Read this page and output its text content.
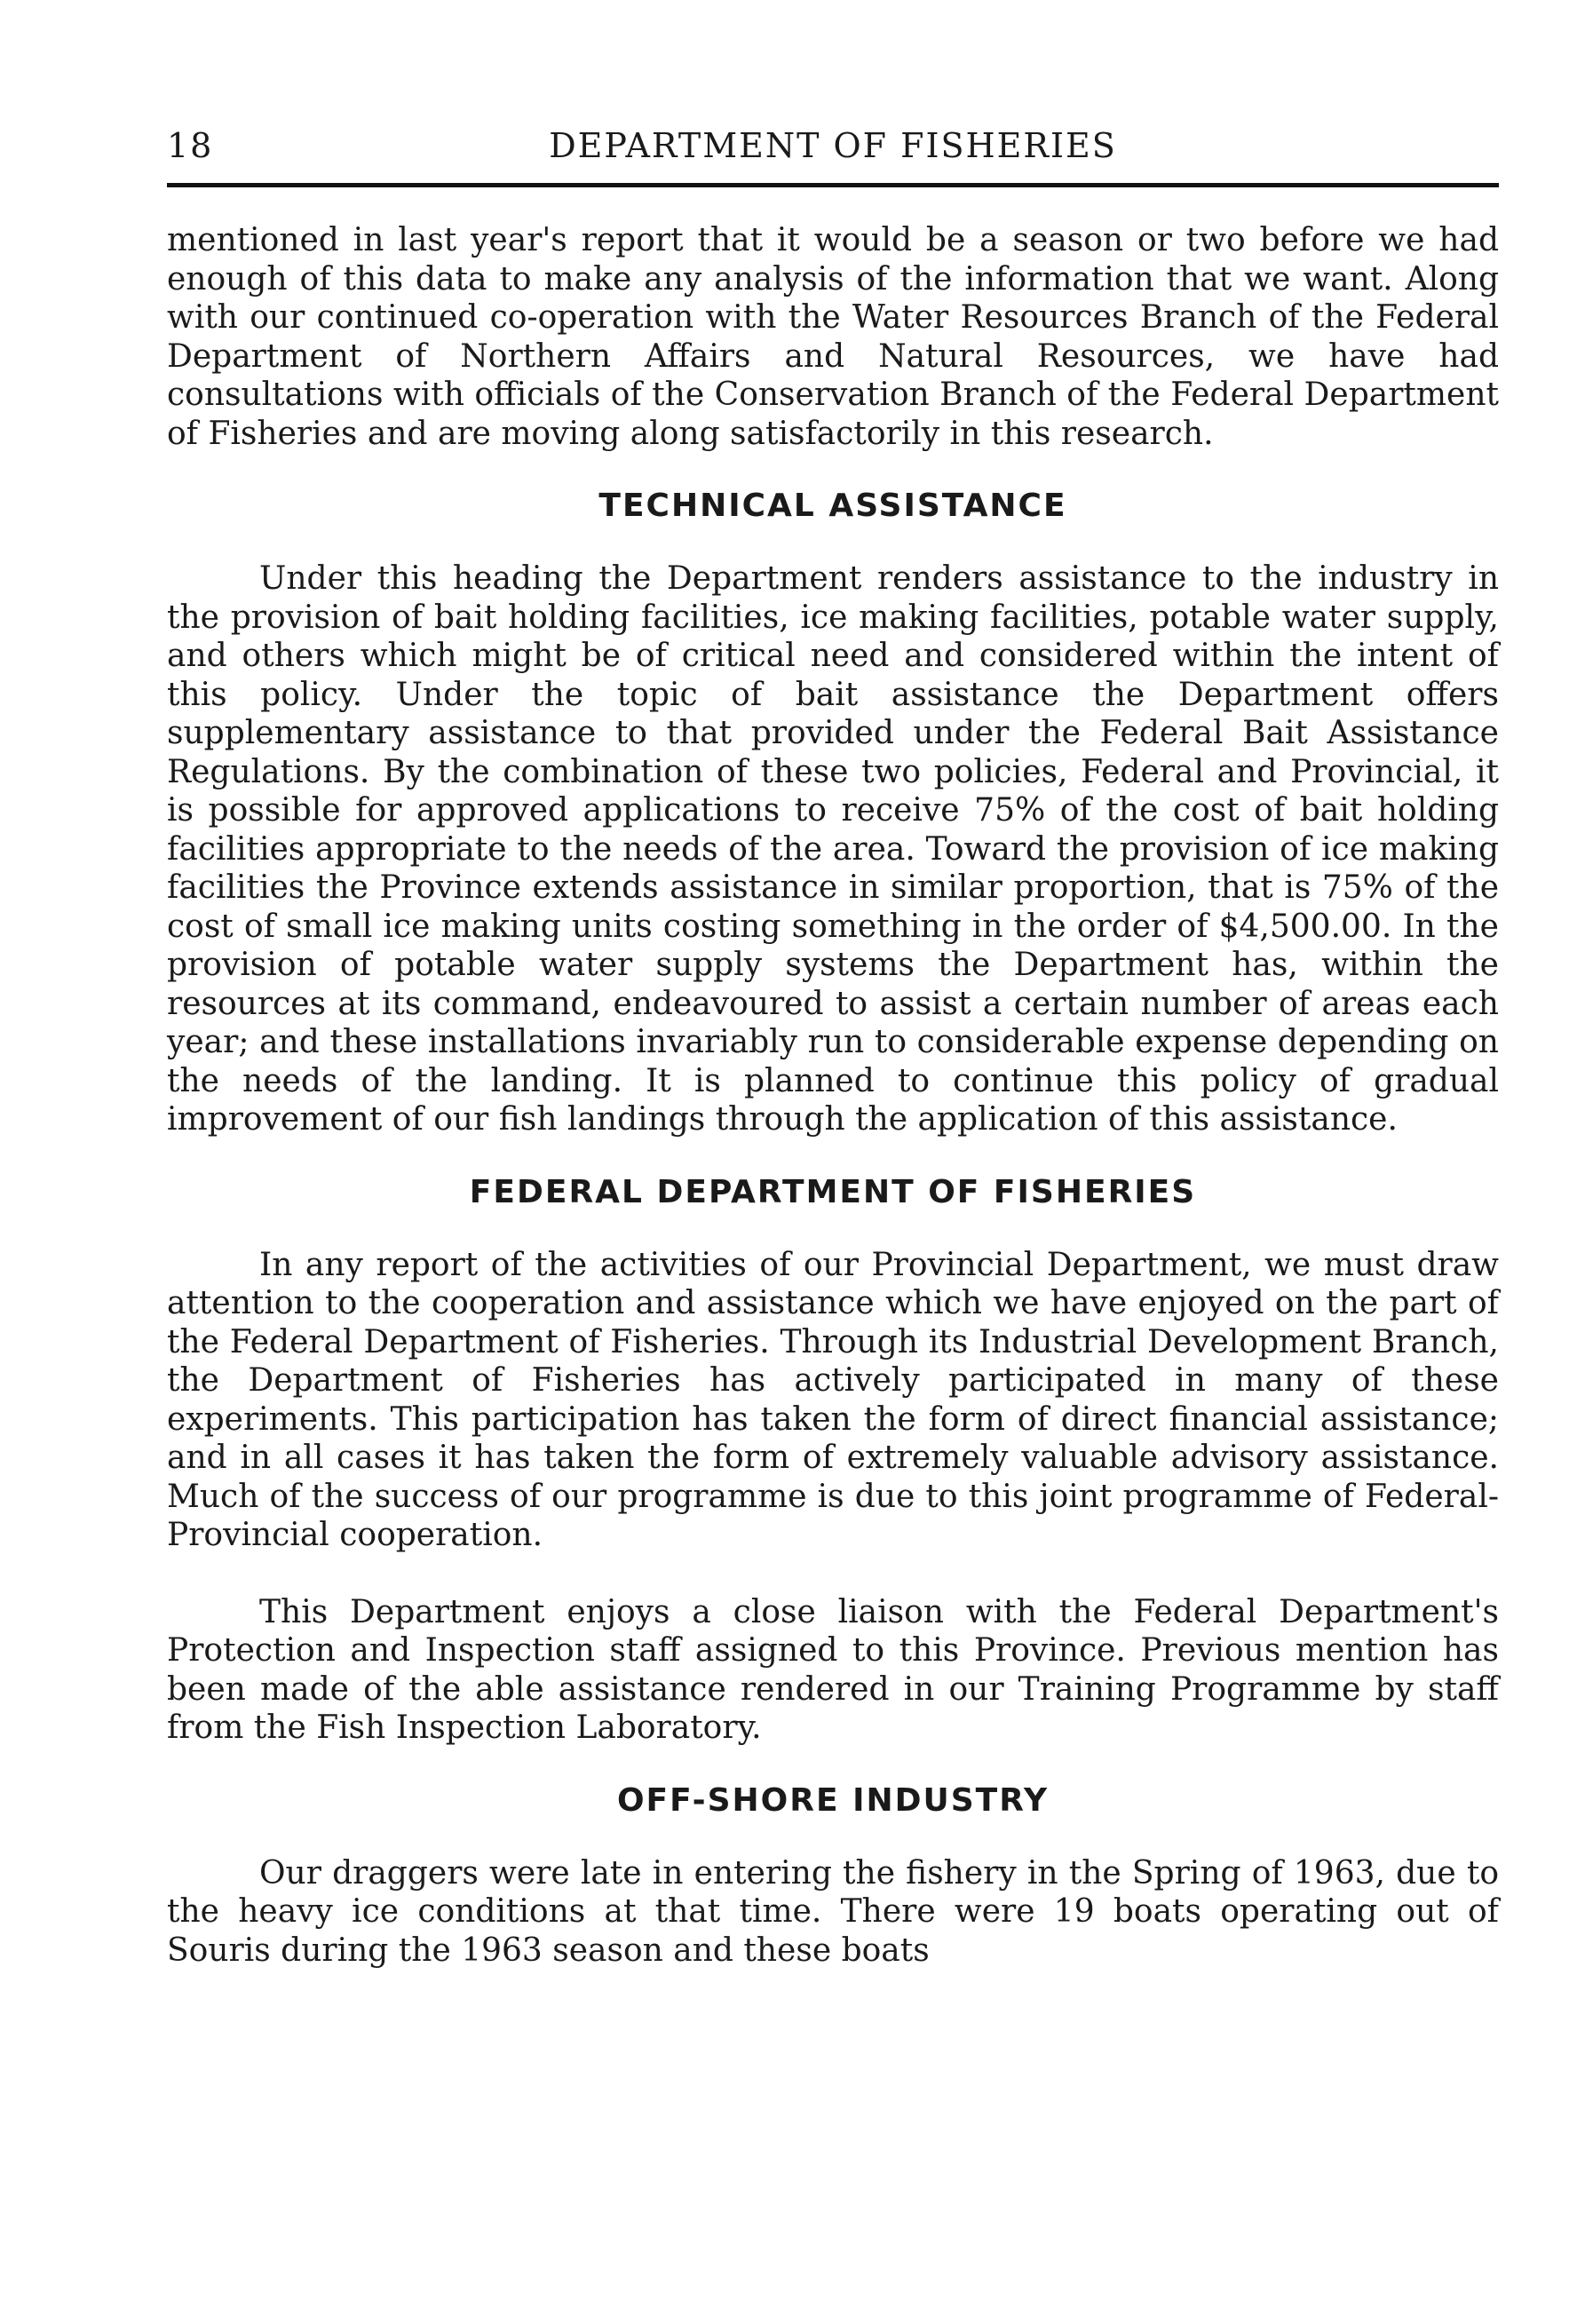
18	DEPARTMENT OF FISHERIES

mentioned in last year's report that it would be a season or two before we had enough of this data to make any analysis of the information that we want. Along with our continued co-operation with the Water Resources Branch of the Federal Department of Northern Affairs and Natural Resources, we have had consultations with officials of the Conservation Branch of the Federal Department of Fisheries and are moving along satisfactorily in this research.

TECHNICAL ASSISTANCE

Under this heading the Department renders assistance to the industry in the provision of bait holding facilities, ice making facilities, potable water supply, and others which might be of critical need and considered within the intent of this policy. Under the topic of bait assistance the Department offers supplementary assistance to that provided under the Federal Bait Assistance Regulations. By the combination of these two policies, Federal and Provincial, it is possible for approved applications to receive 75% of the cost of bait holding facilities appropriate to the needs of the area. Toward the provision of ice making facilities the Province extends assistance in similar proportion, that is 75% of the cost of small ice making units costing something in the order of $4,500.00. In the provision of potable water supply systems the Department has, within the resources at its command, endeavoured to assist a certain number of areas each year; and these installations invariably run to considerable expense depending on the needs of the landing. It is planned to continue this policy of gradual improvement of our fish landings through the application of this assistance.

FEDERAL DEPARTMENT OF FISHERIES

In any report of the activities of our Provincial Department, we must draw attention to the cooperation and assistance which we have enjoyed on the part of the Federal Department of Fisheries. Through its Industrial Development Branch, the Department of Fisheries has actively participated in many of these experiments. This participation has taken the form of direct financial assistance; and in all cases it has taken the form of extremely valuable advisory assistance. Much of the success of our programme is due to this joint programme of Federal-Provincial cooperation.

This Department enjoys a close liaison with the Federal Department's Protection and Inspection staff assigned to this Province. Previous mention has been made of the able assistance rendered in our Training Programme by staff from the Fish Inspection Laboratory.

OFF-SHORE INDUSTRY

Our draggers were late in entering the fishery in the Spring of 1963, due to the heavy ice conditions at that time. There were 19 boats operating out of Souris during the 1963 season and these boats
